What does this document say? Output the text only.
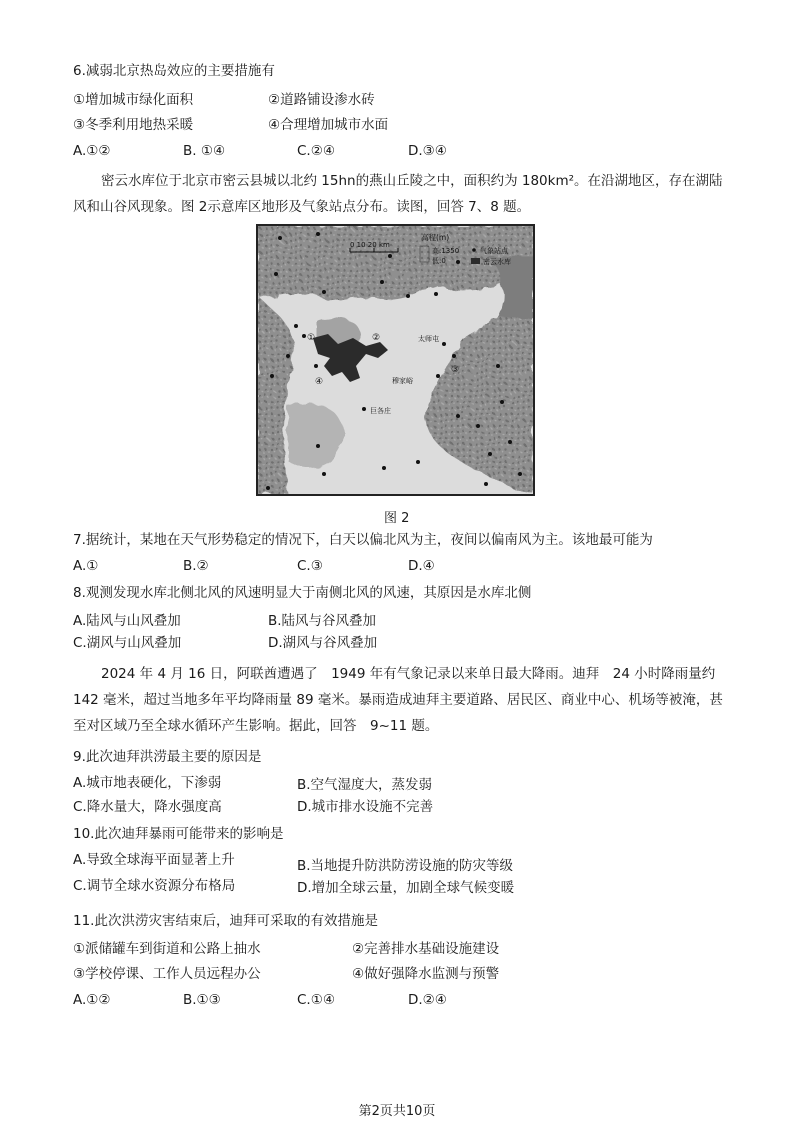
6.减弱北京热岛效应的主要措施有
①增加城市绿化面积	②道路铺设渗水砖
③冬季利用地热采暖	④合理增加城市水面
A.①②	B. ①④	C.②④	D.③④
密云水库位于北京市密云县城以北约 15hn的燕山丘陵之中，面积约为 180km²。在沿湖地区，存在湖陆风和山谷风现象。图 2示意库区地形及气象站点分布。读图，回答 7、8 题。
0 10 20 km
高程(m)
高:1350
低:0
气象站点
密云水库
①	②
③
④
太师屯
穆家峪
巨各庄
图 2
7.据统计，某地在天气形势稳定的情况下，白天以偏北风为主，夜间以偏南风为主。该地最可能为
A.①	B.②	C.③	D.④
8.观测发现水库北侧北风的风速明显大于南侧北风的风速，其原因是水库北侧
A.陆风与山风叠加	B.陆风与谷风叠加
C.湖风与山风叠加	D.湖风与谷风叠加
2024 年 4 月 16 日，阿联酋遭遇了　1949 年有气象记录以来单日最大降雨。迪拜　24 小时降雨量约　142 毫米，超过当地多年平均降雨量 89 毫米。暴雨造成迪拜主要道路、居民区、商业中心、机场等被淹，甚至对区域乃至全球水循环产生影响。据此，回答　9~11 题。
9.此次迪拜洪涝最主要的原因是
A.城市地表硬化，下渗弱	B.空气湿度大，蒸发弱
C.降水量大，降水强度高	D.城市排水设施不完善
10.此次迪拜暴雨可能带来的影响是
A.导致全球海平面显著上升	B.当地提升防洪防涝设施的防灾等级
C.调节全球水资源分布格局	D.增加全球云量，加剧全球气候变暖
11.此次洪涝灾害结束后，迪拜可采取的有效措施是
①派储罐车到街道和公路上抽水	②完善排水基础设施建设
③学校停课、工作人员远程办公	④做好强降水监测与预警
A.①②	B.①③	C.①④	D.②④
第2页共10页
